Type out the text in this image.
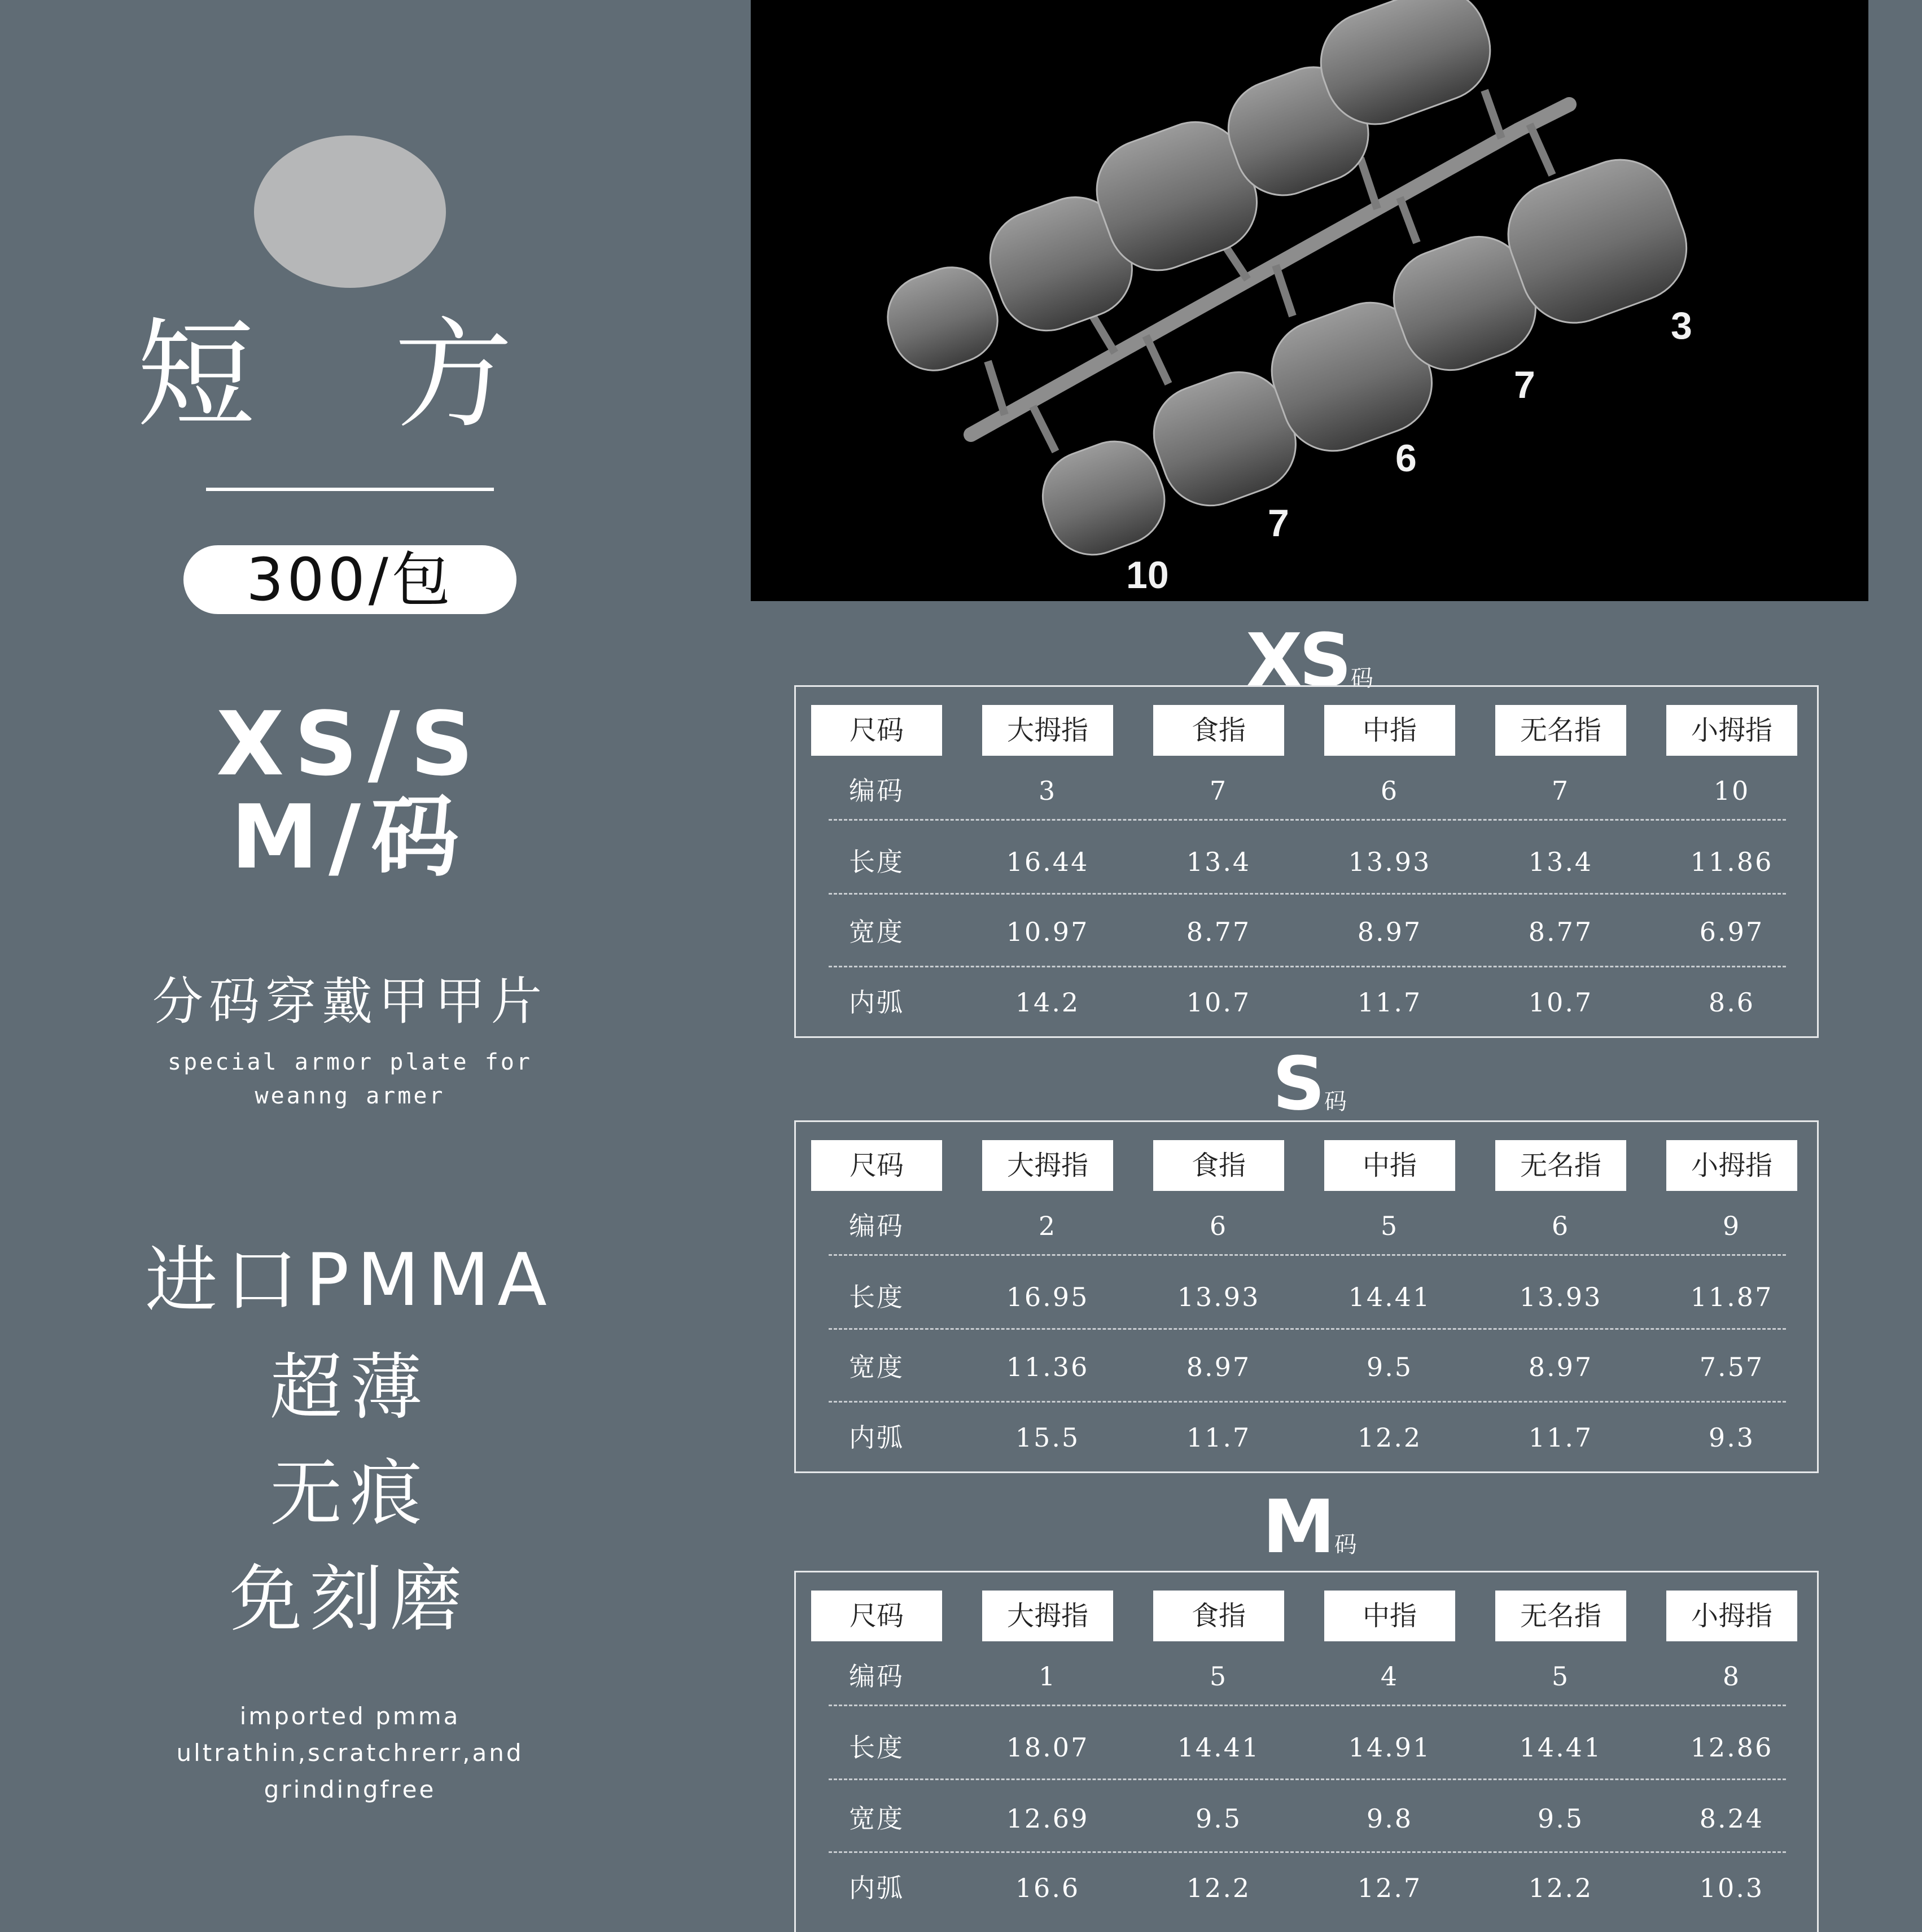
短 方
300/包
XS/S
M/码
分码穿戴甲甲片
special armor plate for
weanng armer
进口PMMA
超薄
无痕
免刻磨
imported pmma
ultrathin,scratchrerr,and
grindingfree
3
7
6
7
10
XS 码
尺码	大拇指	食指	中指	无名指	小拇指
编码	3	7	6	7	10
长度	16.44	13.4	13.93	13.4	11.86
宽度	10.97	8.77	8.97	8.77	6.97
内弧	14.2	10.7	11.7	10.7	8.6
S码
尺码	大拇指	食指	中指	无名指	小拇指
编码	2	6	5	6	9
长度	16.95	13.93	14.41	13.93	11.87
宽度	11.36	8.97	9.5	8.97	7.57
内弧	15.5	11.7	12.2	11.7	9.3
M码
尺码	大拇指	食指	中指	无名指	小拇指
编码	1	5	4	5	8
长度	18.07	14.41	14.91	14.41	12.86
宽度	12.69	9.5	9.8	9.5	8.24
内弧	16.6	12.2	12.7	12.2	10.3
